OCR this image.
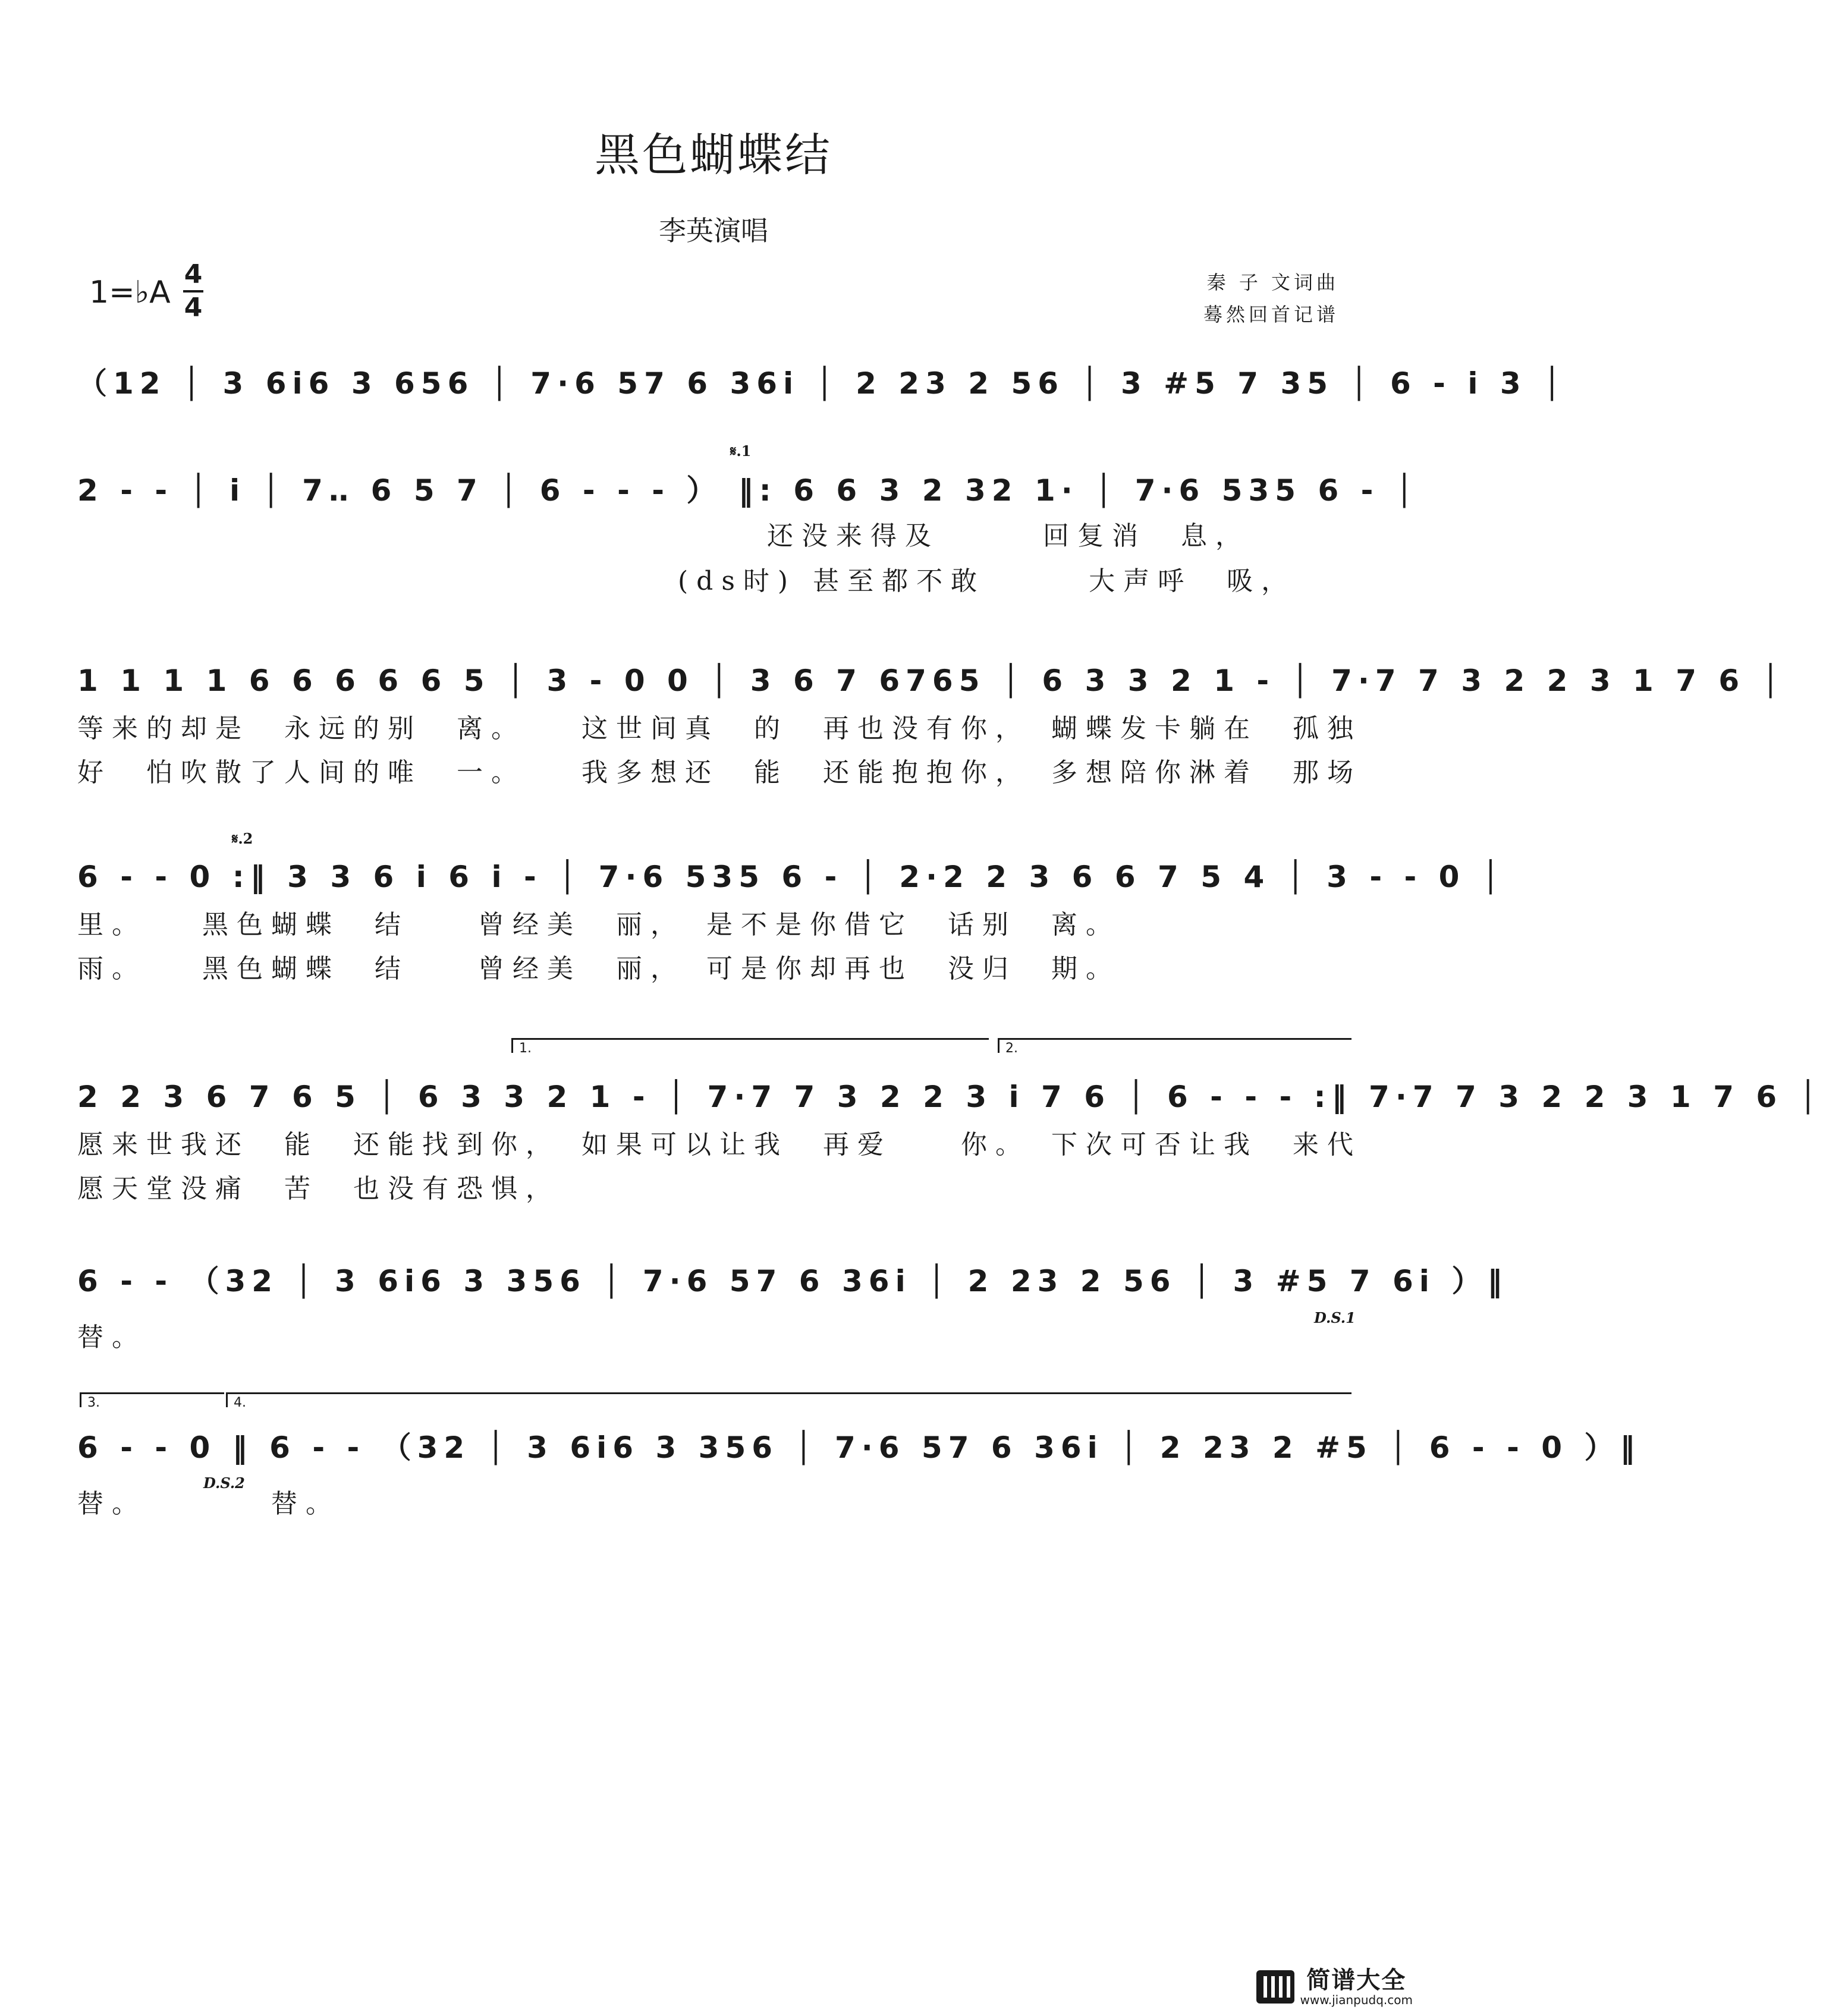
黑色蝴蝶结
李英演唱
1=♭A
4
4
秦 子 文词曲
蓦然回首记谱
（12 │ 3 6i6 3 656 │ 7·6 57 6 36i │ 2 23 2 56 │ 3 #5 7 35 │ 6 - i 3 │
𝄋.1
2 - - │ i │ 7‥ 6 5 7 │ 6 - - - ） ‖: 6 6 3 2 32 1· │ 7·6 535 6 - │
还没来得及　　　回复消　息，
(ds时) 甚至都不敢　　　大声呼　吸，
1 1 1 1 6 6 6 6 6 5 │ 3 - 0 0 │ 3 6 7 6765 │ 6 3 3 2 1 - │ 7·7 7 3 2 2 3 1 7 6 │
等来的却是　永远的别　离。　　这世间真　的　再也没有你，　蝴蝶发卡躺在　孤独
好　怕吹散了人间的唯　一。　　我多想还　能　还能抱抱你，　多想陪你淋着　那场
𝄋.2
6 - - 0 :‖ 3 3 6 i 6 i - │ 7·6 535 6 - │ 2·2 2 3 6 6 7 5 4 │ 3 - - 0 │
里。　　黑色蝴蝶　结　　曾经美　丽，　是不是你借它　话别　离。
雨。　　黑色蝴蝶　结　　曾经美　丽，　可是你却再也　没归　期。
1.	2.
2 2 3 6 7 6 5 │ 6 3 3 2 1 - │ 7·7 7 3 2 2 3 i 7 6 │ 6 - - - :‖ 7·7 7 3 2 2 3 1 7 6 │
愿来世我还　能　还能找到你，　如果可以让我　再爱　　你。　下次可否让我　来代
愿天堂没痛　苦　也没有恐惧，
6 - - （32 │ 3 6i6 3 356 │ 7·6 57 6 36i │ 2 23 2 56 │ 3 #5 7 6i ）‖
D.S.1
替。
3.	4.
6 - - 0 ‖ 6 - - （32 │ 3 6i6 3 356 │ 7·6 57 6 36i │ 2 23 2 #5 │ 6 - - 0 ）‖
D.S.2
替。　　　　替。
简谱大全
www.jianpudq.com
